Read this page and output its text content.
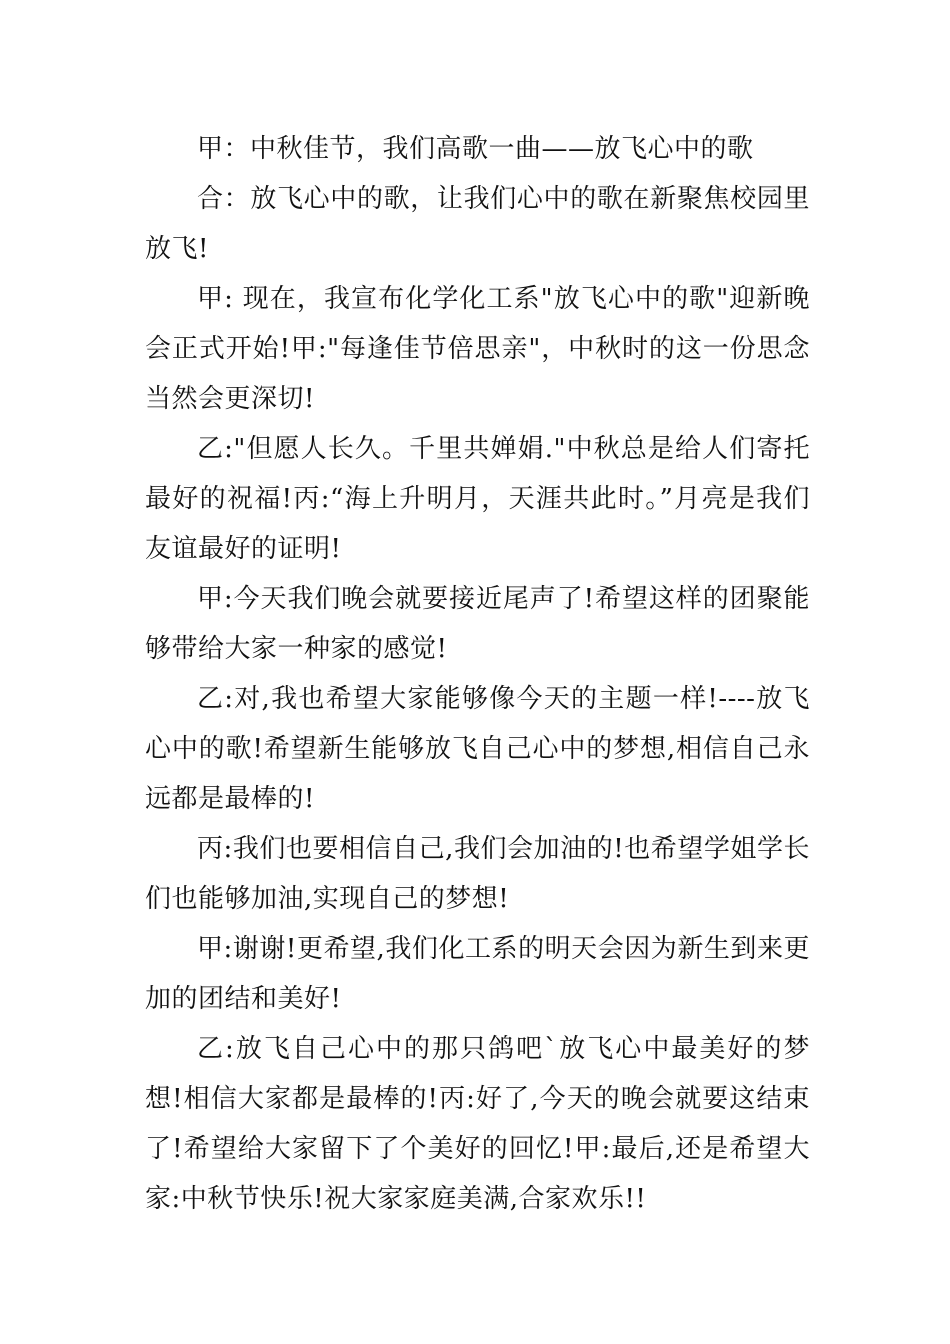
甲：中秋佳节，我们高歌一曲——放飞心中的歌

合：放飞心中的歌，让我们心中的歌在新聚焦校园里放飞!

甲: 现在，我宣布化学化工系"放飞心中的歌"迎新晚会正式开始!甲:"每逢佳节倍思亲"，中秋时的这一份思念当然会更深切!

乙:"但愿人长久。千里共婵娟."中秋总是给人们寄托最好的祝福!丙:“海上升明月，天涯共此时。”月亮是我们友谊最好的证明!

甲:今天我们晚会就要接近尾声了!希望这样的团聚能够带给大家一种家的感觉!

乙:对,我也希望大家能够像今天的主题一样!----放飞心中的歌!希望新生能够放飞自己心中的梦想,相信自己永远都是最棒的!

丙:我们也要相信自己,我们会加油的!也希望学姐学长们也能够加油,实现自己的梦想!

甲:谢谢!更希望,我们化工系的明天会因为新生到来更加的团结和美好!

乙:放飞自己心中的那只鸽吧`放飞心中最美好的梦想!相信大家都是最棒的!丙:好了,今天的晚会就要这结束了!希望给大家留下了个美好的回忆!甲:最后,还是希望大家:中秋节快乐!祝大家家庭美满,合家欢乐!!
